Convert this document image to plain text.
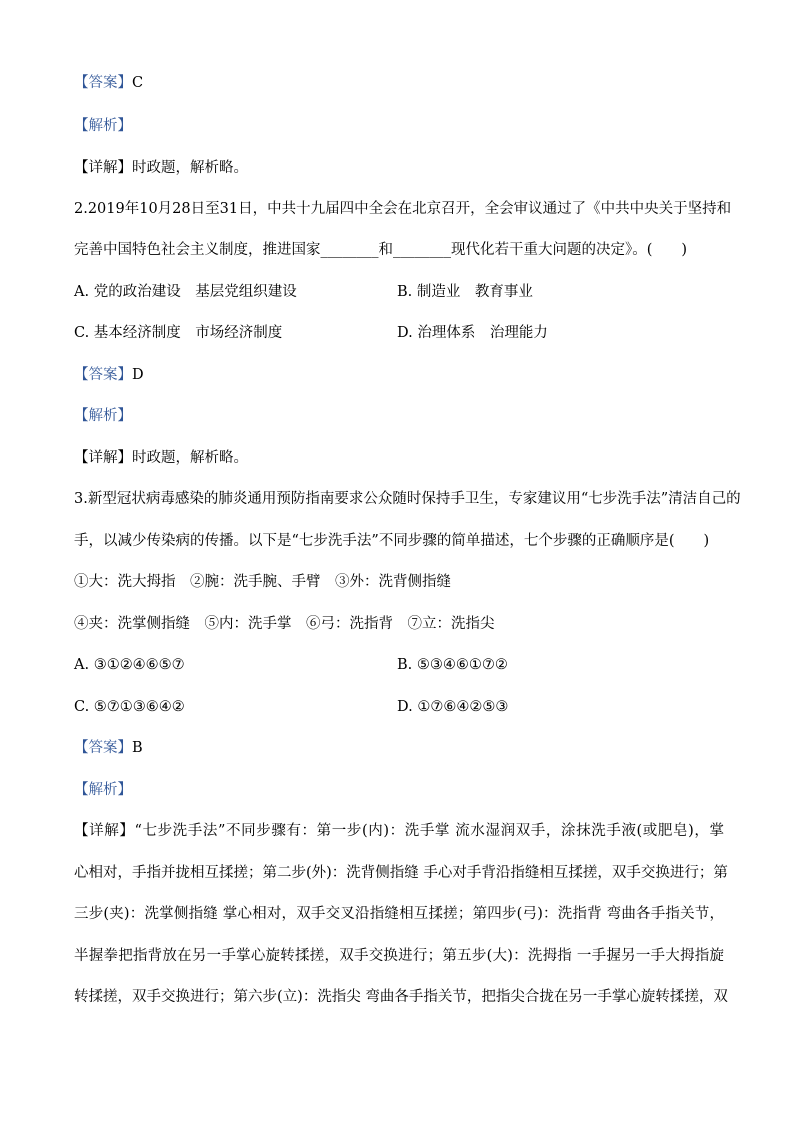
【答案】C
【解析】
【详解】时政题，解析略。
2.2019年10月28日至31日，中共十九届四中全会在北京召开，全会审议通过了《中共中央关于坚持和
完善中国特色社会主义制度，推进国家________和________现代化若干重大问题的决定》。(　　)
A. 党的政治建设　基层党组织建设	B. 制造业　教育事业
C. 基本经济制度　市场经济制度	D. 治理体系　治理能力
【答案】D
【解析】
【详解】时政题，解析略。
3.新型冠状病毒感染的肺炎通用预防指南要求公众随时保持手卫生，专家建议用“七步洗手法”清洁自己的
手，以减少传染病的传播。以下是“七步洗手法”不同步骤的简单描述，七个步骤的正确顺序是(　　)
①大：洗大拇指　②腕：洗手腕、手臂　③外：洗背侧指缝
④夹：洗掌侧指缝　⑤内：洗手掌　⑥弓：洗指背　⑦立：洗指尖
A. ③①②④⑥⑤⑦	B. ⑤③④⑥①⑦②
C. ⑤⑦①③⑥④②	D. ①⑦⑥④②⑤③
【答案】B
【解析】
【详解】“七步洗手法”不同步骤有：第一步(内)：洗手掌 流水湿润双手，涂抹洗手液(或肥皂)，掌
心相对，手指并拢相互揉搓；第二步(外)：洗背侧指缝 手心对手背沿指缝相互揉搓，双手交换进行；第
三步(夹)：洗掌侧指缝 掌心相对，双手交叉沿指缝相互揉搓；第四步(弓)：洗指背 弯曲各手指关节，
半握拳把指背放在另一手掌心旋转揉搓，双手交换进行；第五步(大)：洗拇指 一手握另一手大拇指旋
转揉搓，双手交换进行；第六步(立)：洗指尖 弯曲各手指关节，把指尖合拢在另一手掌心旋转揉搓，双
